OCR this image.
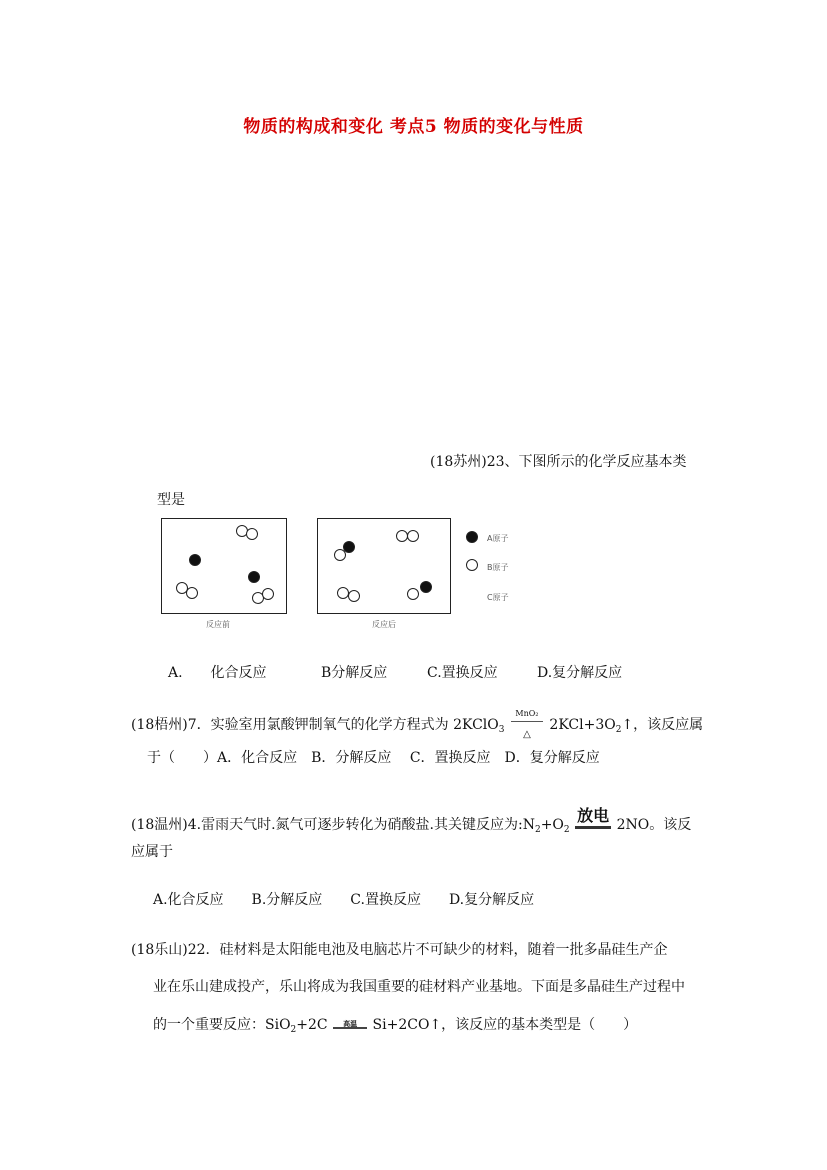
物质的构成和变化 考点5 物质的变化与性质
(18苏州)23、下图所示的化学反应基本类
型是
反应前	反应后
A原子
B原子
C原子
A.　　化合反应	B分解反应	C.置换反应	D.复分解反应
(18梧州)7．实验室用氯酸钾制氧气的化学方程式为 2KClO$_3$
MnO₂
△
$2KCl+3O_2↑$，该反应属
于（　　）A．化合反应　B．分解反应　 C．置换反应　D．复分解反应
(18温州)4.雷雨天气时.氮气可逐步转化为硝酸盐.其关键反应为$:N_2+O_2$
放电 2NO。该反
应属于
A.化合反应　　B.分解反应　　C.置换反应　　D.复分解反应
(18乐山)22．硅材料是太阳能电池及电脑芯片不可缺少的材料，随着一批多晶硅生产企
业在乐山建成投产，乐山将成为我国重要的硅材料产业基地。下面是多晶硅生产过程中
的一个重要反应：SiO$_2$+2C	高温	Si+2CO↑，该反应的基本类型是（　　）
